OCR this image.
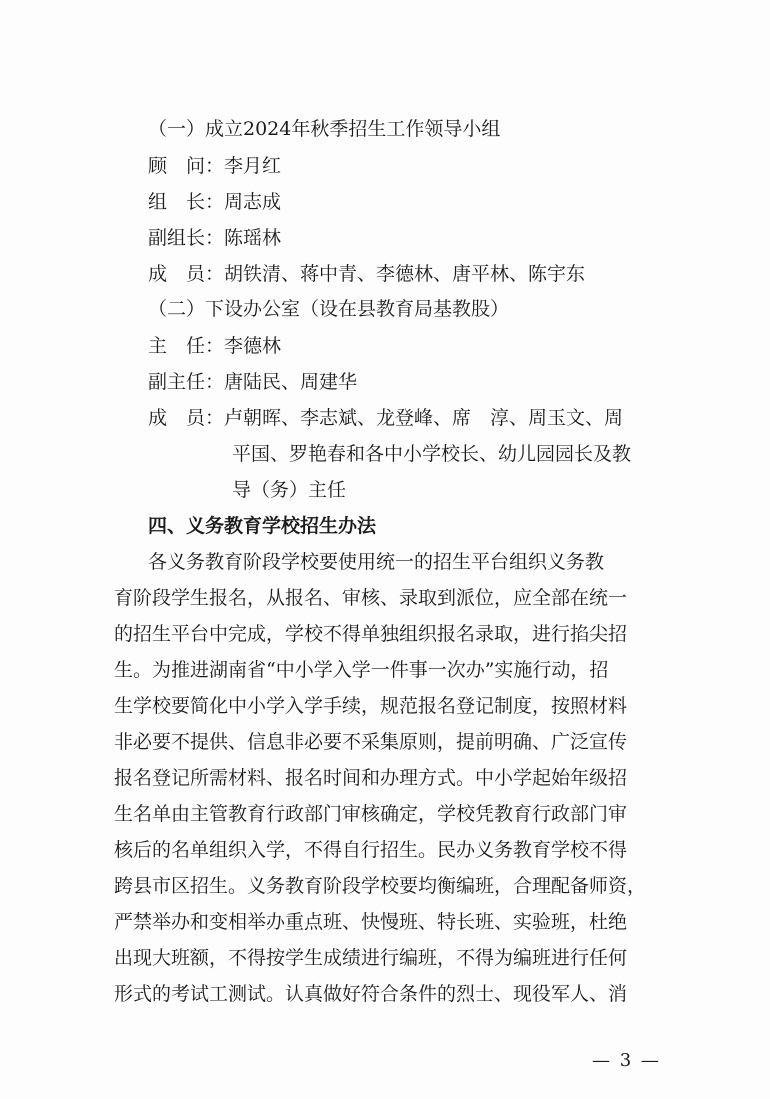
（一）成立2024年秋季招生工作领导小组
顾　问：李月红
组　长：周志成
副组长：陈瑶林
成　员：胡铁清、蒋中青、李德林、唐平林、陈宇东
（二）下设办公室（设在县教育局基教股）
主　任：李德林
副主任：唐陆民、周建华
成　员：卢朝晖、李志斌、龙登峰、席　淳、周玉文、周
平国、罗艳春和各中小学校长、幼儿园园长及教
导（务）主任
四、义务教育学校招生办法
各义务教育阶段学校要使用统一的招生平台组织义务教
育阶段学生报名，从报名、审核、录取到派位，应全部在统一
的招生平台中完成，学校不得单独组织报名录取，进行掐尖招
生。为推进湖南省“中小学入学一件事一次办”实施行动，招
生学校要简化中小学入学手续，规范报名登记制度，按照材料
非必要不提供、信息非必要不采集原则，提前明确、广泛宣传
报名登记所需材料、报名时间和办理方式。中小学起始年级招
生名单由主管教育行政部门审核确定，学校凭教育行政部门审
核后的名单组织入学，不得自行招生。民办义务教育学校不得
跨县市区招生。义务教育阶段学校要均衡编班，合理配备师资，
严禁举办和变相举办重点班、快慢班、特长班、实验班，杜绝
出现大班额，不得按学生成绩进行编班，不得为编班进行任何
形式的考试工测试。认真做好符合条件的烈士、现役军人、消
— 3 —
